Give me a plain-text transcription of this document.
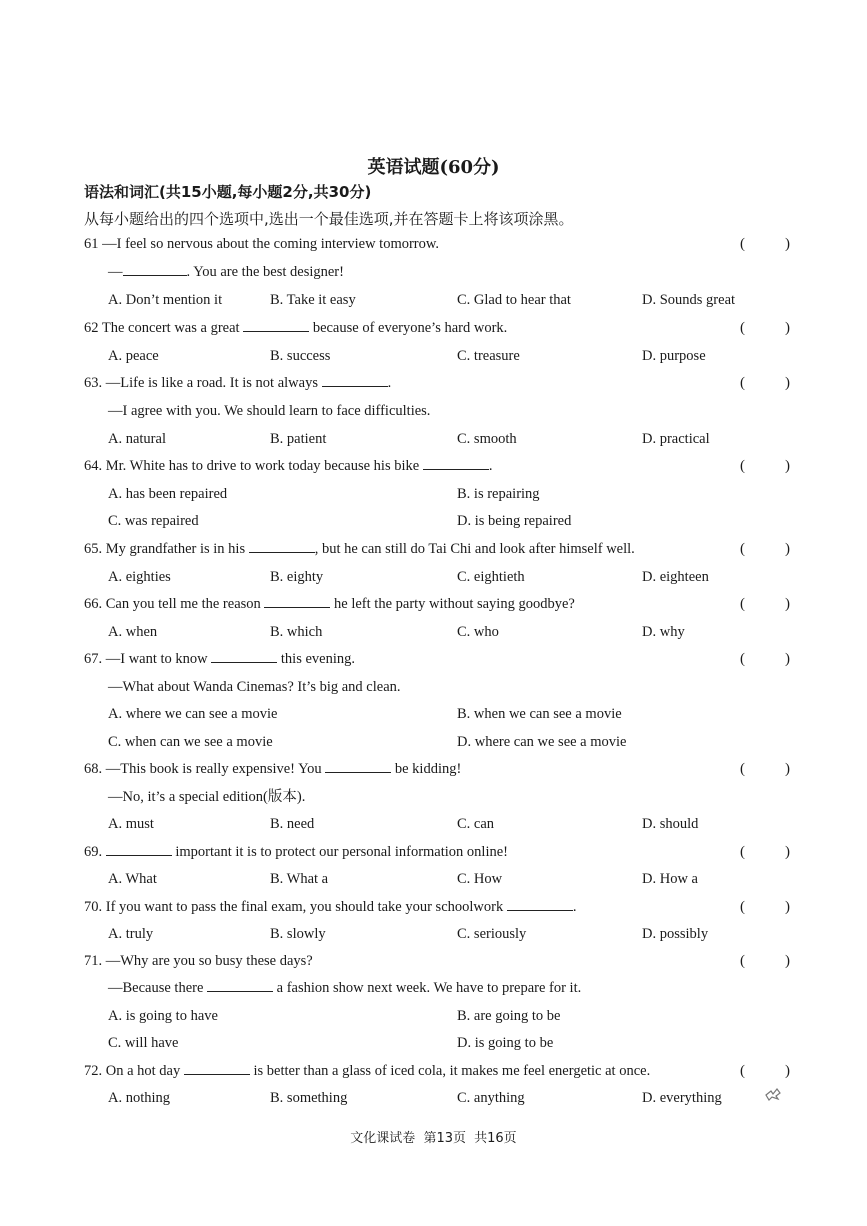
英语试题(60分)
语法和词汇(共15小题,每小题2分,共30分)
从每小题给出的四个选项中,选出一个最佳选项,并在答题卡上将该项涂黑。
61 —I feel so nervous about the coming interview tomorrow.	(	)
—	. You are the best designer!
A. Don’t mention it	B. Take it easy	C. Glad to hear that	D. Sounds great
62 The concert was a great	because of everyone’s hard work.	(	)
A. peace	B. success	C. treasure	D. purpose
63. —Life is like a road. It is not always	.	(	)
—I agree with you. We should learn to face difficulties.
A. natural	B. patient	C. smooth	D. practical
64. Mr. White has to drive to work today because his bike	.	(	)
A. has been repaired	B. is repairing
C. was repaired	D. is being repaired
65. My grandfather is in his	, but he can still do Tai Chi and look after himself well.	(	)
A. eighties	B. eighty	C. eightieth	D. eighteen
66. Can you tell me the reason	he left the party without saying goodbye?	(	)
A. when	B. which	C. who	D. why
67. —I want to know	this evening.	(	)
—What about Wanda Cinemas? It’s big and clean.
A. where we can see a movie	B. when we can see a movie
C. when can we see a movie	D. where can we see a movie
68. —This book is really expensive! You	be kidding!	(	)
—No, it’s a special edition(版本).
A. must	B. need	C. can	D. should
69.	important it is to protect our personal information online!	(	)
A. What	B. What a	C. How	D. How a
70. If you want to pass the final exam, you should take your schoolwork	.	(	)
A. truly	B. slowly	C. seriously	D. possibly
71. —Why are you so busy these days?	(	)
—Because there	a fashion show next week. We have to prepare for it.
A. is going to have	B. are going to be
C. will have	D. is going to be
72. On a hot day	is better than a glass of iced cola, it makes me feel energetic at once.	(	)
A. nothing	B. something	C. anything	D. everything
文化课试卷 第13页 共16页
